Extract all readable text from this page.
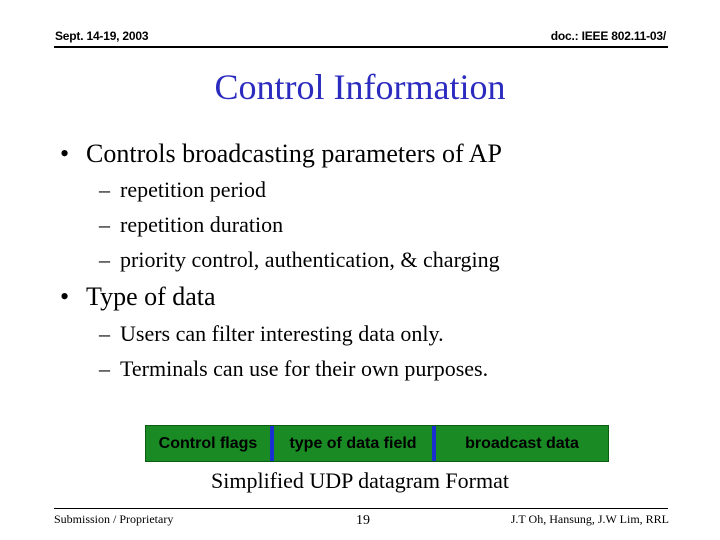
Sept. 14-19, 2003	doc.: IEEE 802.11-03/
Control Information
• Controls broadcasting parameters of AP
– repetition period
– repetition duration
– priority control, authentication, & charging
• Type of data
– Users can filter interesting data only.
– Terminals can use for their own purposes.
Control flags	type of data field	broadcast data
Simplified UDP datagram Format
Submission / Proprietary	19	J.T Oh, Hansung, J.W Lim, RRL
